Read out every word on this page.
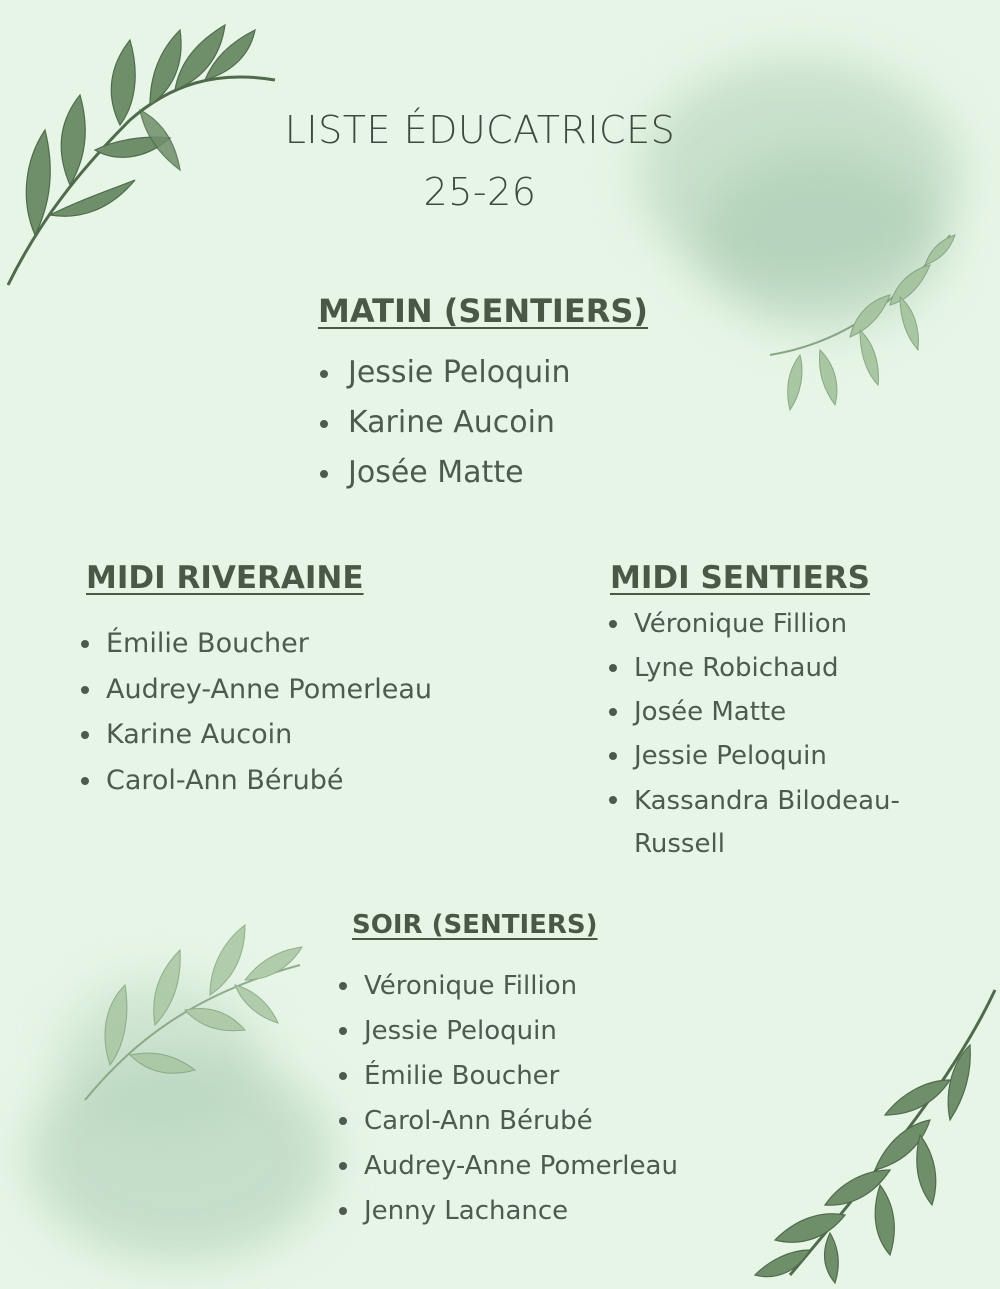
LISTE ÉDUCATRICES
25-26
MATIN (SENTIERS)
Jessie Peloquin
Karine Aucoin
Josée Matte
MIDI RIVERAINE
Émilie Boucher
Audrey-Anne Pomerleau
Karine Aucoin
Carol-Ann Bérubé
MIDI SENTIERS
Véronique Fillion
Lyne Robichaud
Josée Matte
Jessie Peloquin
Kassandra Bilodeau-Russell
SOIR (SENTIERS)
Véronique Fillion
Jessie Peloquin
Émilie Boucher
Carol-Ann Bérubé
Audrey-Anne Pomerleau
Jenny Lachance
